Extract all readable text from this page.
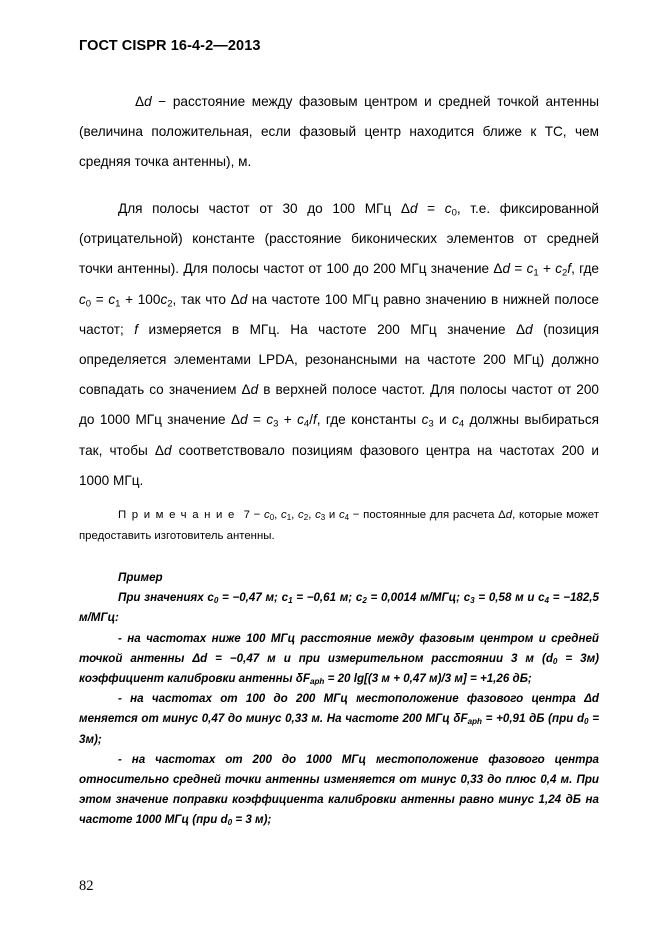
ГОСТ CISPR 16-4-2—2013

Δd − расстояние между фазовым центром и средней точкой антенны (величина положительная, если фазовый центр находится ближе к ТС, чем средняя точка антенны), м.

Для полосы частот от 30 до 100 МГц $\Delta d = c_0$, т.е. фиксированной (отрицательной) константе (расстояние биконических элементов от средней точки антенны). Для полосы частот от 100 до 200 МГц значение $\Delta d = c_1 + c_2f$, где $c_0 = c_1 + 100c_2$, так что Δd на частоте 100 МГц равно значению в нижней полосе частот; f измеряется в МГц. На частоте 200 МГц значение Δd (позиция определяется элементами LPDA, резонансными на частоте 200 МГц) должно совпадать со значением Δd в верхней полосе частот. Для полосы частот от 200 до 1000 МГц значение $\Delta d = c_3 + c_4/f$, где константы $c_3$ и $c_4$ должны выбираться так, чтобы Δd соответствовало позициям фазового центра на частотах 200 и 1000 МГц.

Примечание $7 - c_0$, $c_1$, $c_2$, $c_3$ и $c_4$ − постоянные для расчета Δd, которые может предоставить изготовитель антенны.

Пример

При значениях $c_0 = -0,47$ м; $c_1 = -0,61$ м; $c_2 = 0,0014$ м/МГц; $c_3 = 0,58$ м и $c_4 = -182,5$ м/МГц:

- на частотах ниже 100 МГц расстояние между фазовым центром и средней точкой антенны Δd = −0,47 м и при измерительном расстоянии 3 м $(d_0 = 3м)$ коэффициент калибровки антенны $\delta F_{aph} = 20$ lg[(3 м + 0,47 м)/3 м] = +1,26 дБ;

- на частотах от 100 до 200 МГц местоположение фазового центра Δd меняется от минус 0,47 до минус 0,33 м. На частоте 200 МГц $\delta F_{aph} = +0,91$ дБ (при $d_0 = 3м$);

- на частотах от 200 до 1000 МГц местоположение фазового центра относительно средней точки антенны изменяется от минус 0,33 до плюс 0,4 м. При этом значение поправки коэффициента калибровки антенны равно минус 1,24 дБ на частоте 1000 МГц (при $d_0 = 3$ м);

82
